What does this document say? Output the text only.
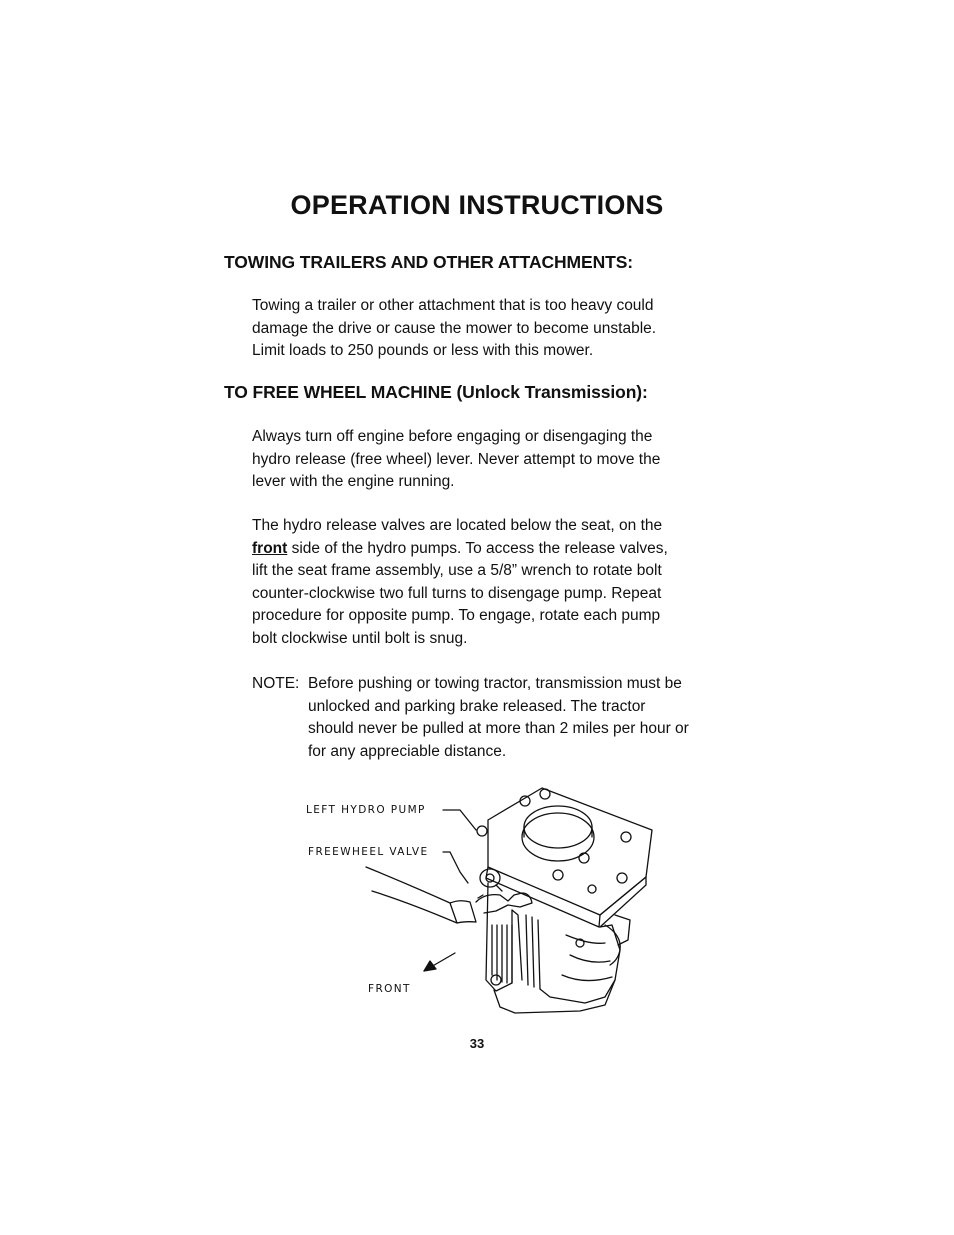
OPERATION INSTRUCTIONS
TOWING TRAILERS AND OTHER ATTACHMENTS:

Towing a trailer or other attachment that is too heavy could
damage the drive or cause the mower to become unstable.
Limit loads to 250 pounds or less with this mower.

TO FREE WHEEL MACHINE (Unlock Transmission):

Always turn off engine before engaging or disengaging the
hydro release (free wheel) lever. Never attempt to move the
lever with the engine running.

The hydro release valves are located below the seat, on the
front side of the hydro pumps. To access the release valves,
lift the seat frame assembly, use a 5/8” wrench to rotate bolt
counter-clockwise two full turns to disengage pump. Repeat
procedure for opposite pump. To engage, rotate each pump
bolt clockwise until bolt is snug.

NOTE: Before pushing or towing tractor, transmission must be
unlocked and parking brake released. The tractor
should never be pulled at more than 2 miles per hour or
for any appreciable distance.
LEFT HYDRO PUMP
FREEWHEEL VALVE
FRONT
33
